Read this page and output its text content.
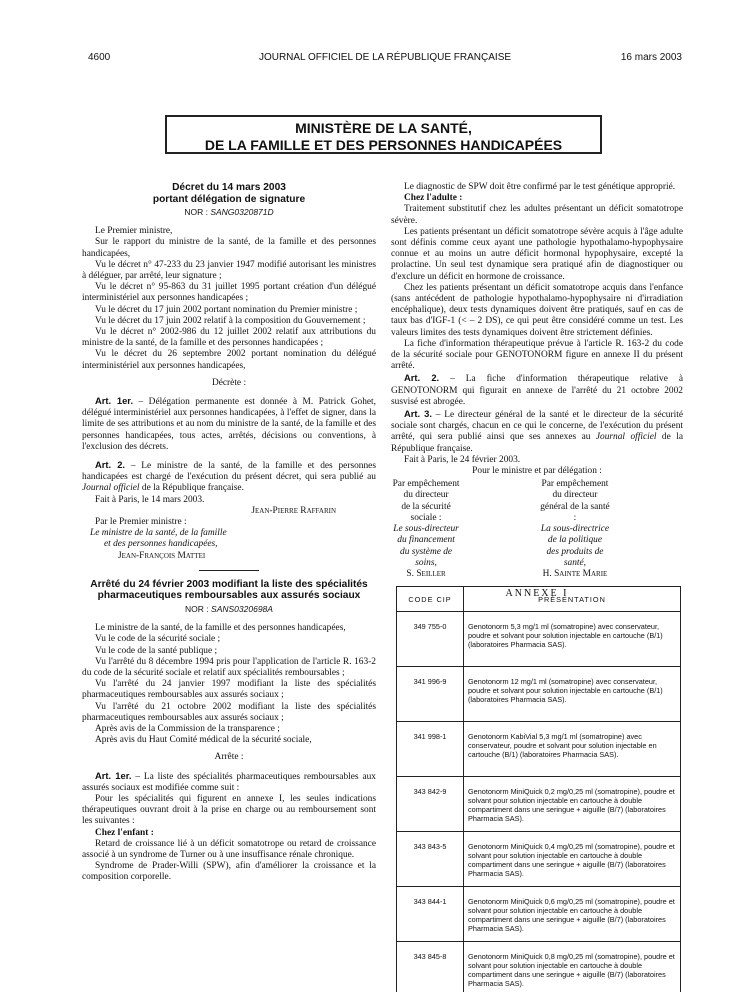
4600	JOURNAL OFFICIEL DE LA RÉPUBLIQUE FRANÇAISE	16 mars 2003
MINISTÈRE DE LA SANTÉ,
DE LA FAMILLE ET DES PERSONNES HANDICAPÉES

Décret du 14 mars 2003

portant délégation de signature

NOR : SANG0320871D

Le Premier ministre,

Sur le rapport du ministre de la santé, de la famille et des personnes handicapées,

Vu le décret n° 47-233 du 23 janvier 1947 modifié autorisant les ministres à déléguer, par arrêté, leur signature ;

Vu le décret n° 95-863 du 31 juillet 1995 portant création d'un délégué interministériel aux personnes handicapées ;

Vu le décret du 17 juin 2002 portant nomination du Premier ministre ;

Vu le décret du 17 juin 2002 relatif à la composition du Gouvernement ;

Vu le décret n° 2002-986 du 12 juillet 2002 relatif aux attributions du ministre de la santé, de la famille et des personnes handicapées ;

Vu le décret du 26 septembre 2002 portant nomination du délégué interministériel aux personnes handicapées,

Décrète :

Art. 1er. – Délégation permanente est donnée à M. Patrick Gohet, délégué interministériel aux personnes handicapées, à l'effet de signer, dans la limite de ses attributions et au nom du ministre de la santé, de la famille et des personnes handicapées, tous actes, arrêtés, décisions ou conventions, à l'exclusion des décrets.

Art. 2. – Le ministre de la santé, de la famille et des personnes handicapées est chargé de l'exécution du présent décret, qui sera publié au Journal officiel de la République française.

Fait à Paris, le 14 mars 2003.

Jean-Pierre Raffarin

Par le Premier ministre :

Le ministre de la santé, de la famille

et des personnes handicapées,

Jean-François Mattei

Arrêté du 24 février 2003 modifiant la liste des spécialités

pharmaceutiques remboursables aux assurés sociaux

NOR : SANS0320698A

Le ministre de la santé, de la famille et des personnes handicapées,

Vu le code de la sécurité sociale ;

Vu le code de la santé publique ;

Vu l'arrêté du 8 décembre 1994 pris pour l'application de l'article R. 163-2 du code de la sécurité sociale et relatif aux spécialités remboursables ;

Vu l'arrêté du 24 janvier 1997 modifiant la liste des spécialités pharmaceutiques remboursables aux assurés sociaux ;

Vu l'arrêté du 21 octobre 2002 modifiant la liste des spécialités pharmaceutiques remboursables aux assurés sociaux ;

Après avis de la Commission de la transparence ;

Après avis du Haut Comité médical de la sécurité sociale,

Arrête :

Art. 1er. – La liste des spécialités pharmaceutiques remboursables aux assurés sociaux est modifiée comme suit :

Pour les spécialités qui figurent en annexe I, les seules indications thérapeutiques ouvrant droit à la prise en charge ou au remboursement sont les suivantes :

Chez l'enfant :

Retard de croissance lié à un déficit somatotrope ou retard de croissance associé à un syndrome de Turner ou à une insuffisance rénale chronique.

Syndrome de Prader-Willi (SPW), afin d'améliorer la croissance et la composition corporelle.

Le diagnostic de SPW doit être confirmé par le test génétique approprié.

Chez l'adulte :

Traitement substitutif chez les adultes présentant un déficit somatotrope sévère.

Les patients présentant un déficit somatotrope sévère acquis à l'âge adulte sont définis comme ceux ayant une pathologie hypothalamo-hypophysaire connue et au moins un autre déficit hormonal hypophysaire, excepté la prolactine. Un seul test dynamique sera pratiqué afin de diagnostiquer ou d'exclure un déficit en hormone de croissance.

Chez les patients présentant un déficit somatotrope acquis dans l'enfance (sans antécédent de pathologie hypothalamo-hypophysaire ni d'irradiation encéphalique), deux tests dynamiques doivent être pratiqués, sauf en cas de taux bas d'IGF-1 (< – 2 DS), ce qui peut être considéré comme un test. Les valeurs limites des tests dynamiques doivent être strictement définies.

La fiche d'information thérapeutique prévue à l'article R. 163-2 du code de la sécurité sociale pour GENOTONORM figure en annexe II du présent arrêté.

Art. 2. – La fiche d'information thérapeutique relative à GENOTONORM qui figurait en annexe de l'arrêté du 21 octobre 2002 susvisé est abrogée.

Art. 3. – Le directeur général de la santé et le directeur de la sécurité sociale sont chargés, chacun en ce qui le concerne, de l'exécution du présent arrêté, qui sera publié ainsi que ses annexes au Journal officiel de la République française.

Fait à Paris, le 24 février 2003.

Pour le ministre et par délégation :

Par empêchement du directeur
de la sécurité sociale :
Le sous-directeur
du financement
du système de soins,
S. Seiller
Par empêchement
du directeur général de la santé :
La sous-directrice
de la politique
des produits de santé,
H. Sainte Marie
ANNEXE I
CODE CIP	PRÉSENTATION
349 755-0	Genotonorm 5,3 mg/1 ml (somatropine) avec conservateur, poudre et solvant pour solution injectable en cartouche (B/1) (laboratoires Pharmacia SAS).
341 996-9	Genotonorm 12 mg/1 ml (somatropine) avec conservateur, poudre et solvant pour solution injectable en cartouche (B/1) (laboratoires Pharmacia SAS).
341 998-1	Genotonorm KabiVial 5,3 mg/1 ml (somatropine) avec conservateur, poudre et solvant pour solution injectable en cartouche (B/1) (laboratoires Pharmacia SAS).
343 842-9	Genotonorm MiniQuick 0,2 mg/0,25 ml (somatropine), poudre et solvant pour solution injectable en cartouche à double compartiment dans une seringue + aiguille (B/7) (laboratoires Pharmacia SAS).
343 843-5	Genotonorm MiniQuick 0,4 mg/0,25 ml (somatropine), poudre et solvant pour solution injectable en cartouche à double compartiment dans une seringue + aiguille (B/7) (laboratoires Pharmacia SAS).
343 844-1	Genotonorm MiniQuick 0,6 mg/0,25 ml (somatropine), poudre et solvant pour solution injectable en cartouche à double compartiment dans une seringue + aiguille (B/7) (laboratoires Pharmacia SAS).
343 845-8	Genotonorm MiniQuick 0,8 mg/0,25 ml (somatropine), poudre et solvant pour solution injectable en cartouche à double compartiment dans une seringue + aiguille (B/7) (laboratoires Pharmacia SAS).
